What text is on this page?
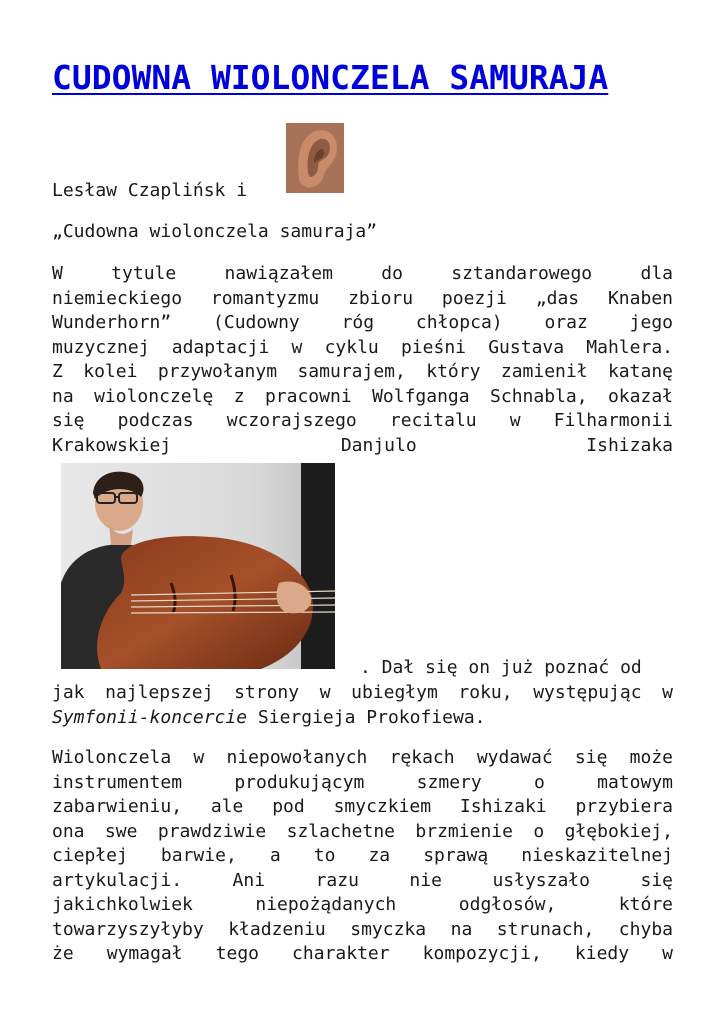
CUDOWNA WIOLONCZELA SAMURAJA
Lesław Czaplińsk i
„Cudowna wiolonczela samuraja”
W tytule nawiązałem do sztandarowego dla
niemieckiego romantyzmu zbioru poezji „das Knaben
Wunderhorn” (Cudowny róg chłopca) oraz jego
muzycznej adaptacji w cyklu pieśni Gustava Mahlera.
Z kolei przywołanym samurajem, który zamienił katanę
na wiolonczelę z pracowni Wolfganga Schnabla, okazał
się podczas wczorajszego recitalu w Filharmonii
Krakowskiej Danjulo Ishizaka
. Dał się on już poznać od
jak najlepszej strony w ubiegłym roku, występując w
Symfonii-koncercie Siergieja Prokofiewa.
Wiolonczela w niepowołanych rękach wydawać się może
instrumentem produkującym szmery o matowym
zabarwieniu, ale pod smyczkiem Ishizaki przybiera
ona swe prawdziwie szlachetne brzmienie o głębokiej,
ciepłej barwie, a to za sprawą nieskazitelnej
artykulacji. Ani razu nie usłyszało się
jakichkolwiek niepożądanych odgłosów, które
towarzyszyłyby kładzeniu smyczka na strunach, chyba
że wymagał tego charakter kompozycji, kiedy w
